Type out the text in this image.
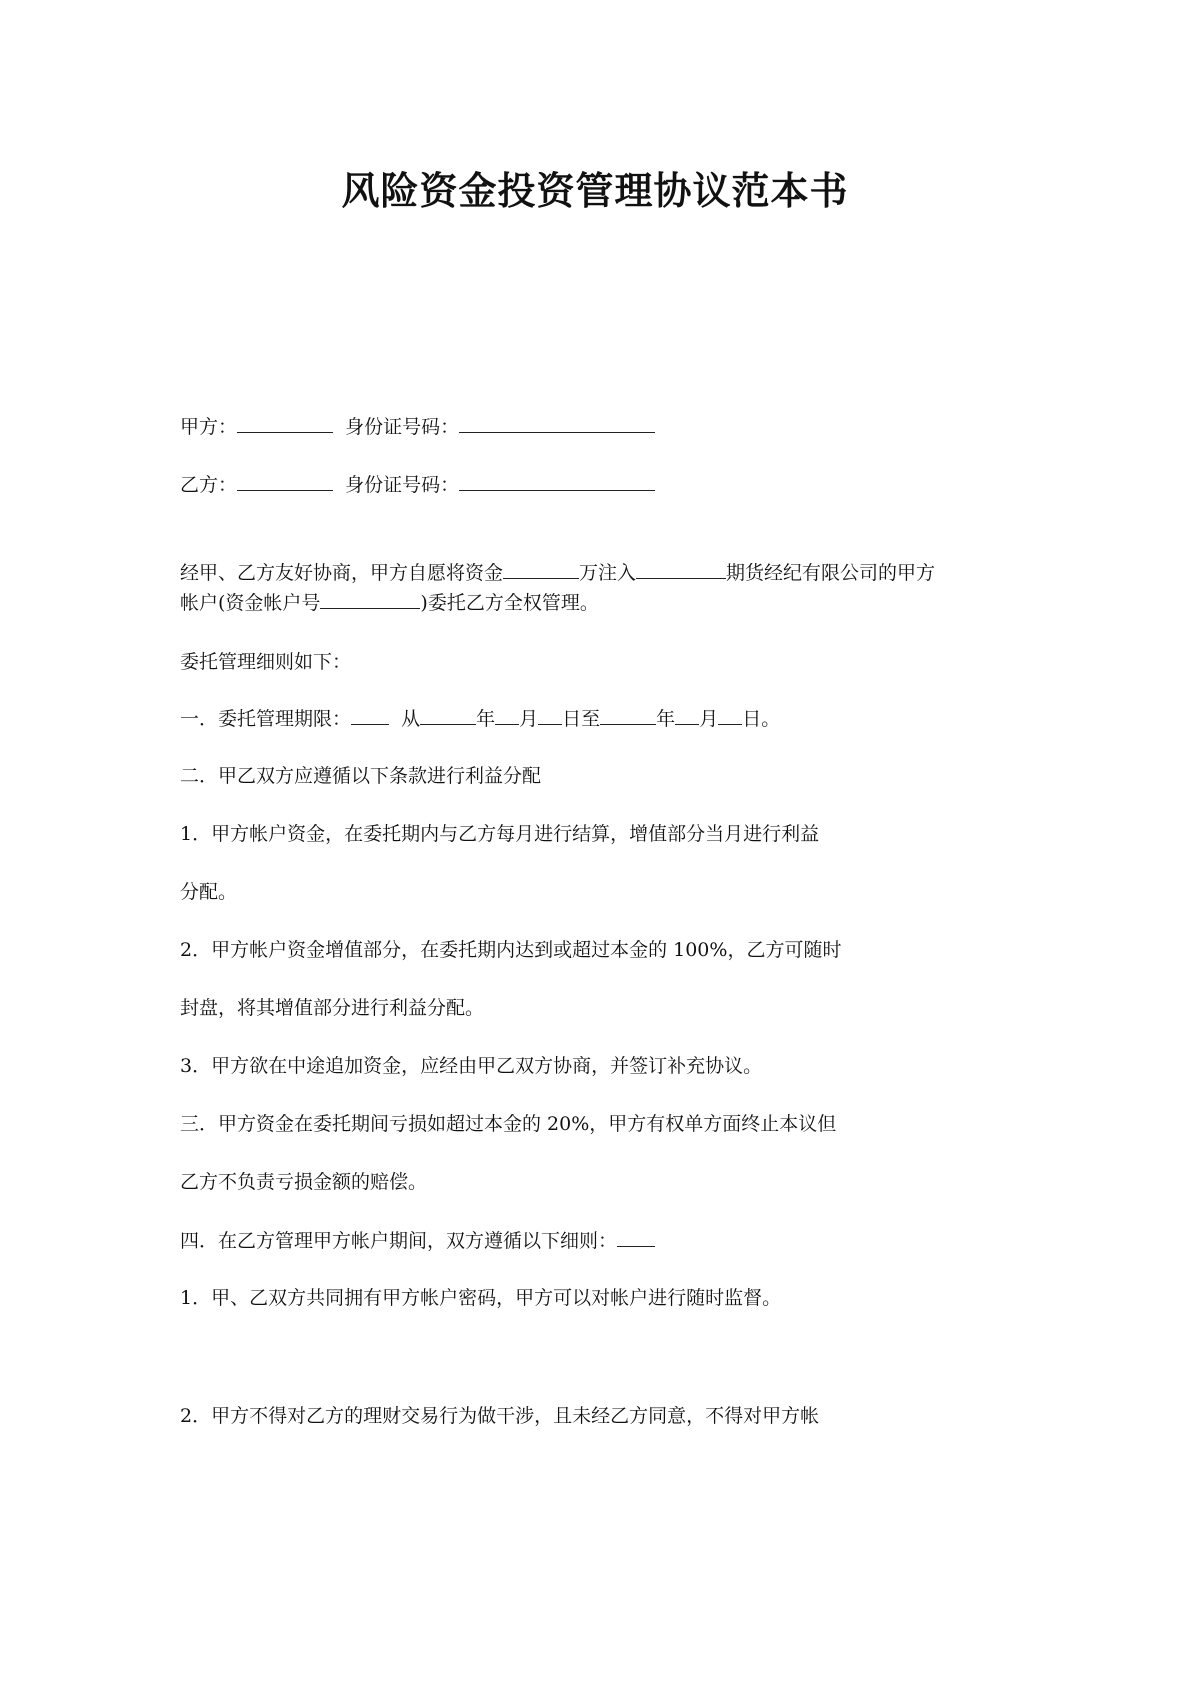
风险资金投资管理协议范本书
甲方：	身份证号码：
乙方：	身份证号码：
经甲、乙方友好协商，甲方自愿将资金	万注入	期货经纪有限公司的甲方
帐户(资金帐户号	)委托乙方全权管理。
委托管理细则如下：
一．委托管理期限：	从	年 月 日至	年 月 日。
二．甲乙双方应遵循以下条款进行利益分配
1．甲方帐户资金，在委托期内与乙方每月进行结算，增值部分当月进行利益
分配。
2．甲方帐户资金增值部分，在委托期内达到或超过本金的 100%，乙方可随时
封盘，将其增值部分进行利益分配。
3．甲方欲在中途追加资金，应经由甲乙双方协商，并签订补充协议。
三．甲方资金在委托期间亏损如超过本金的 20%，甲方有权单方面终止本议但
乙方不负责亏损金额的赔偿。
四．在乙方管理甲方帐户期间，双方遵循以下细则：
1．甲、乙双方共同拥有甲方帐户密码，甲方可以对帐户进行随时监督。
2．甲方不得对乙方的理财交易行为做干涉，且未经乙方同意，不得对甲方帐
